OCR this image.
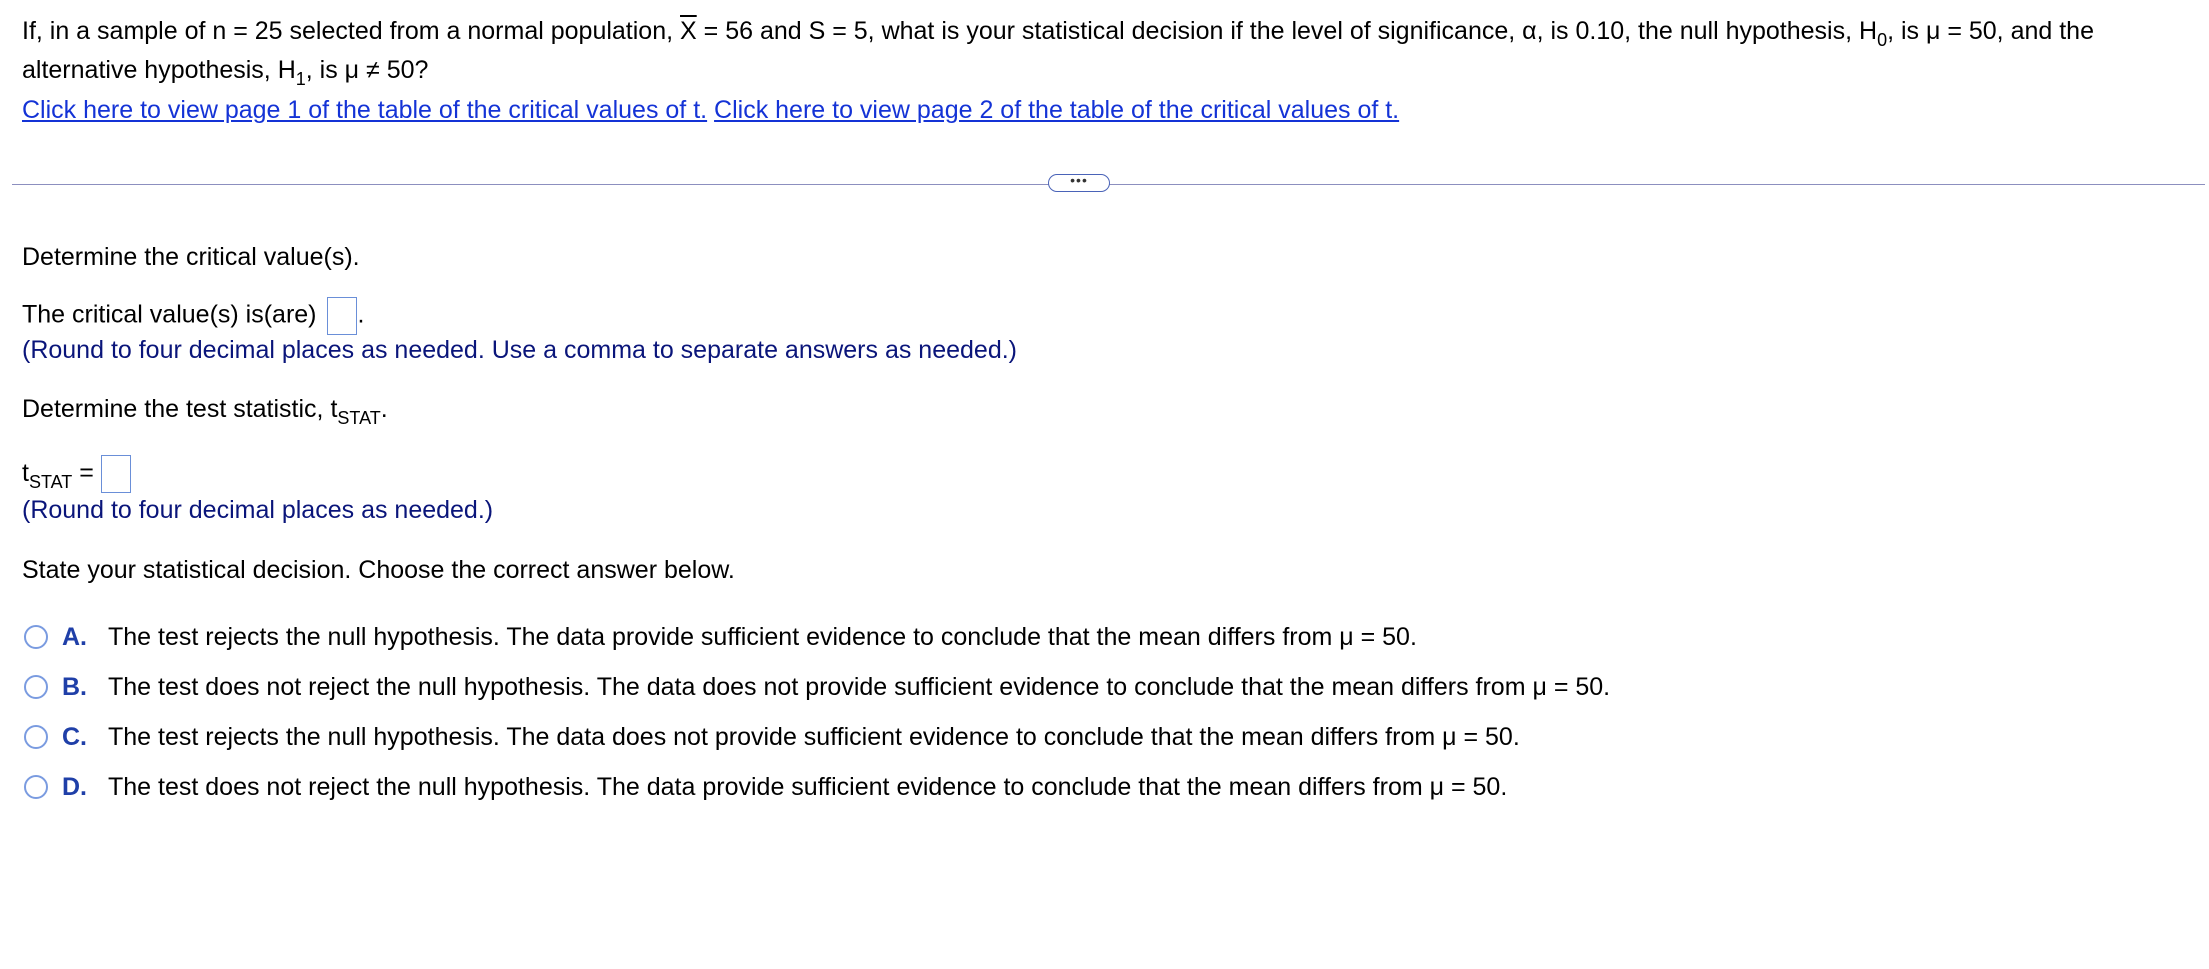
If, in a sample of n = 25 selected from a normal population, $\overline{X} = 56$ and S = 5, what is your statistical decision if the level of significance, α, is 0.10, the null hypothesis, $H_0$, is μ = 50, and the
alternative hypothesis, $H_1$, is μ ≠ 50?
Click here to view page 1 of the table of the critical values of t. Click here to view page 2 of the table of the critical values of t.
•••
Determine the critical value(s).
The critical value(s) is(are) .
(Round to four decimal places as needed. Use a comma to separate answers as needed.)
Determine the test statistic, $t_{STAT}$.
$t_{STAT}$ =
(Round to four decimal places as needed.)
State your statistical decision. Choose the correct answer below.
A. The test rejects the null hypothesis. The data provide sufficient evidence to conclude that the mean differs from μ = 50.
B. The test does not reject the null hypothesis. The data does not provide sufficient evidence to conclude that the mean differs from μ = 50.
C. The test rejects the null hypothesis. The data does not provide sufficient evidence to conclude that the mean differs from μ = 50.
D. The test does not reject the null hypothesis. The data provide sufficient evidence to conclude that the mean differs from μ = 50.
